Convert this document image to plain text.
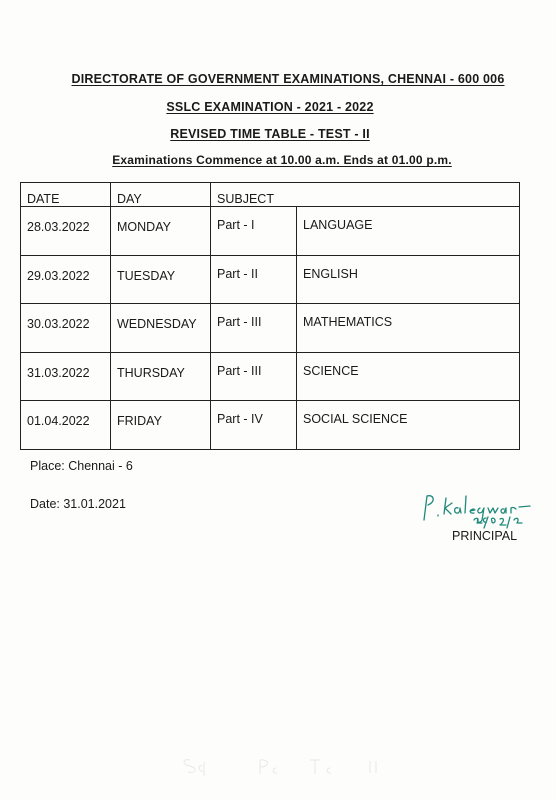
DIRECTORATE OF GOVERNMENT EXAMINATIONS, CHENNAI - 600 006
SSLC EXAMINATION - 2021 - 2022
REVISED TIME TABLE - TEST - II
Examinations Commence at 10.00 a.m. Ends at 01.00 p.m.
DATE	DAY	SUBJECT	
28.03.2022	MONDAY	Part - I	LANGUAGE
29.03.2022	TUESDAY	Part - II	ENGLISH
30.03.2022	WEDNESDAY	Part - III	MATHEMATICS
31.03.2022	THURSDAY	Part - III	SCIENCE
01.04.2022	FRIDAY	Part - IV	SOCIAL SCIENCE
Place: Chennai - 6
Date: 31.01.2021
PRINCIPAL
